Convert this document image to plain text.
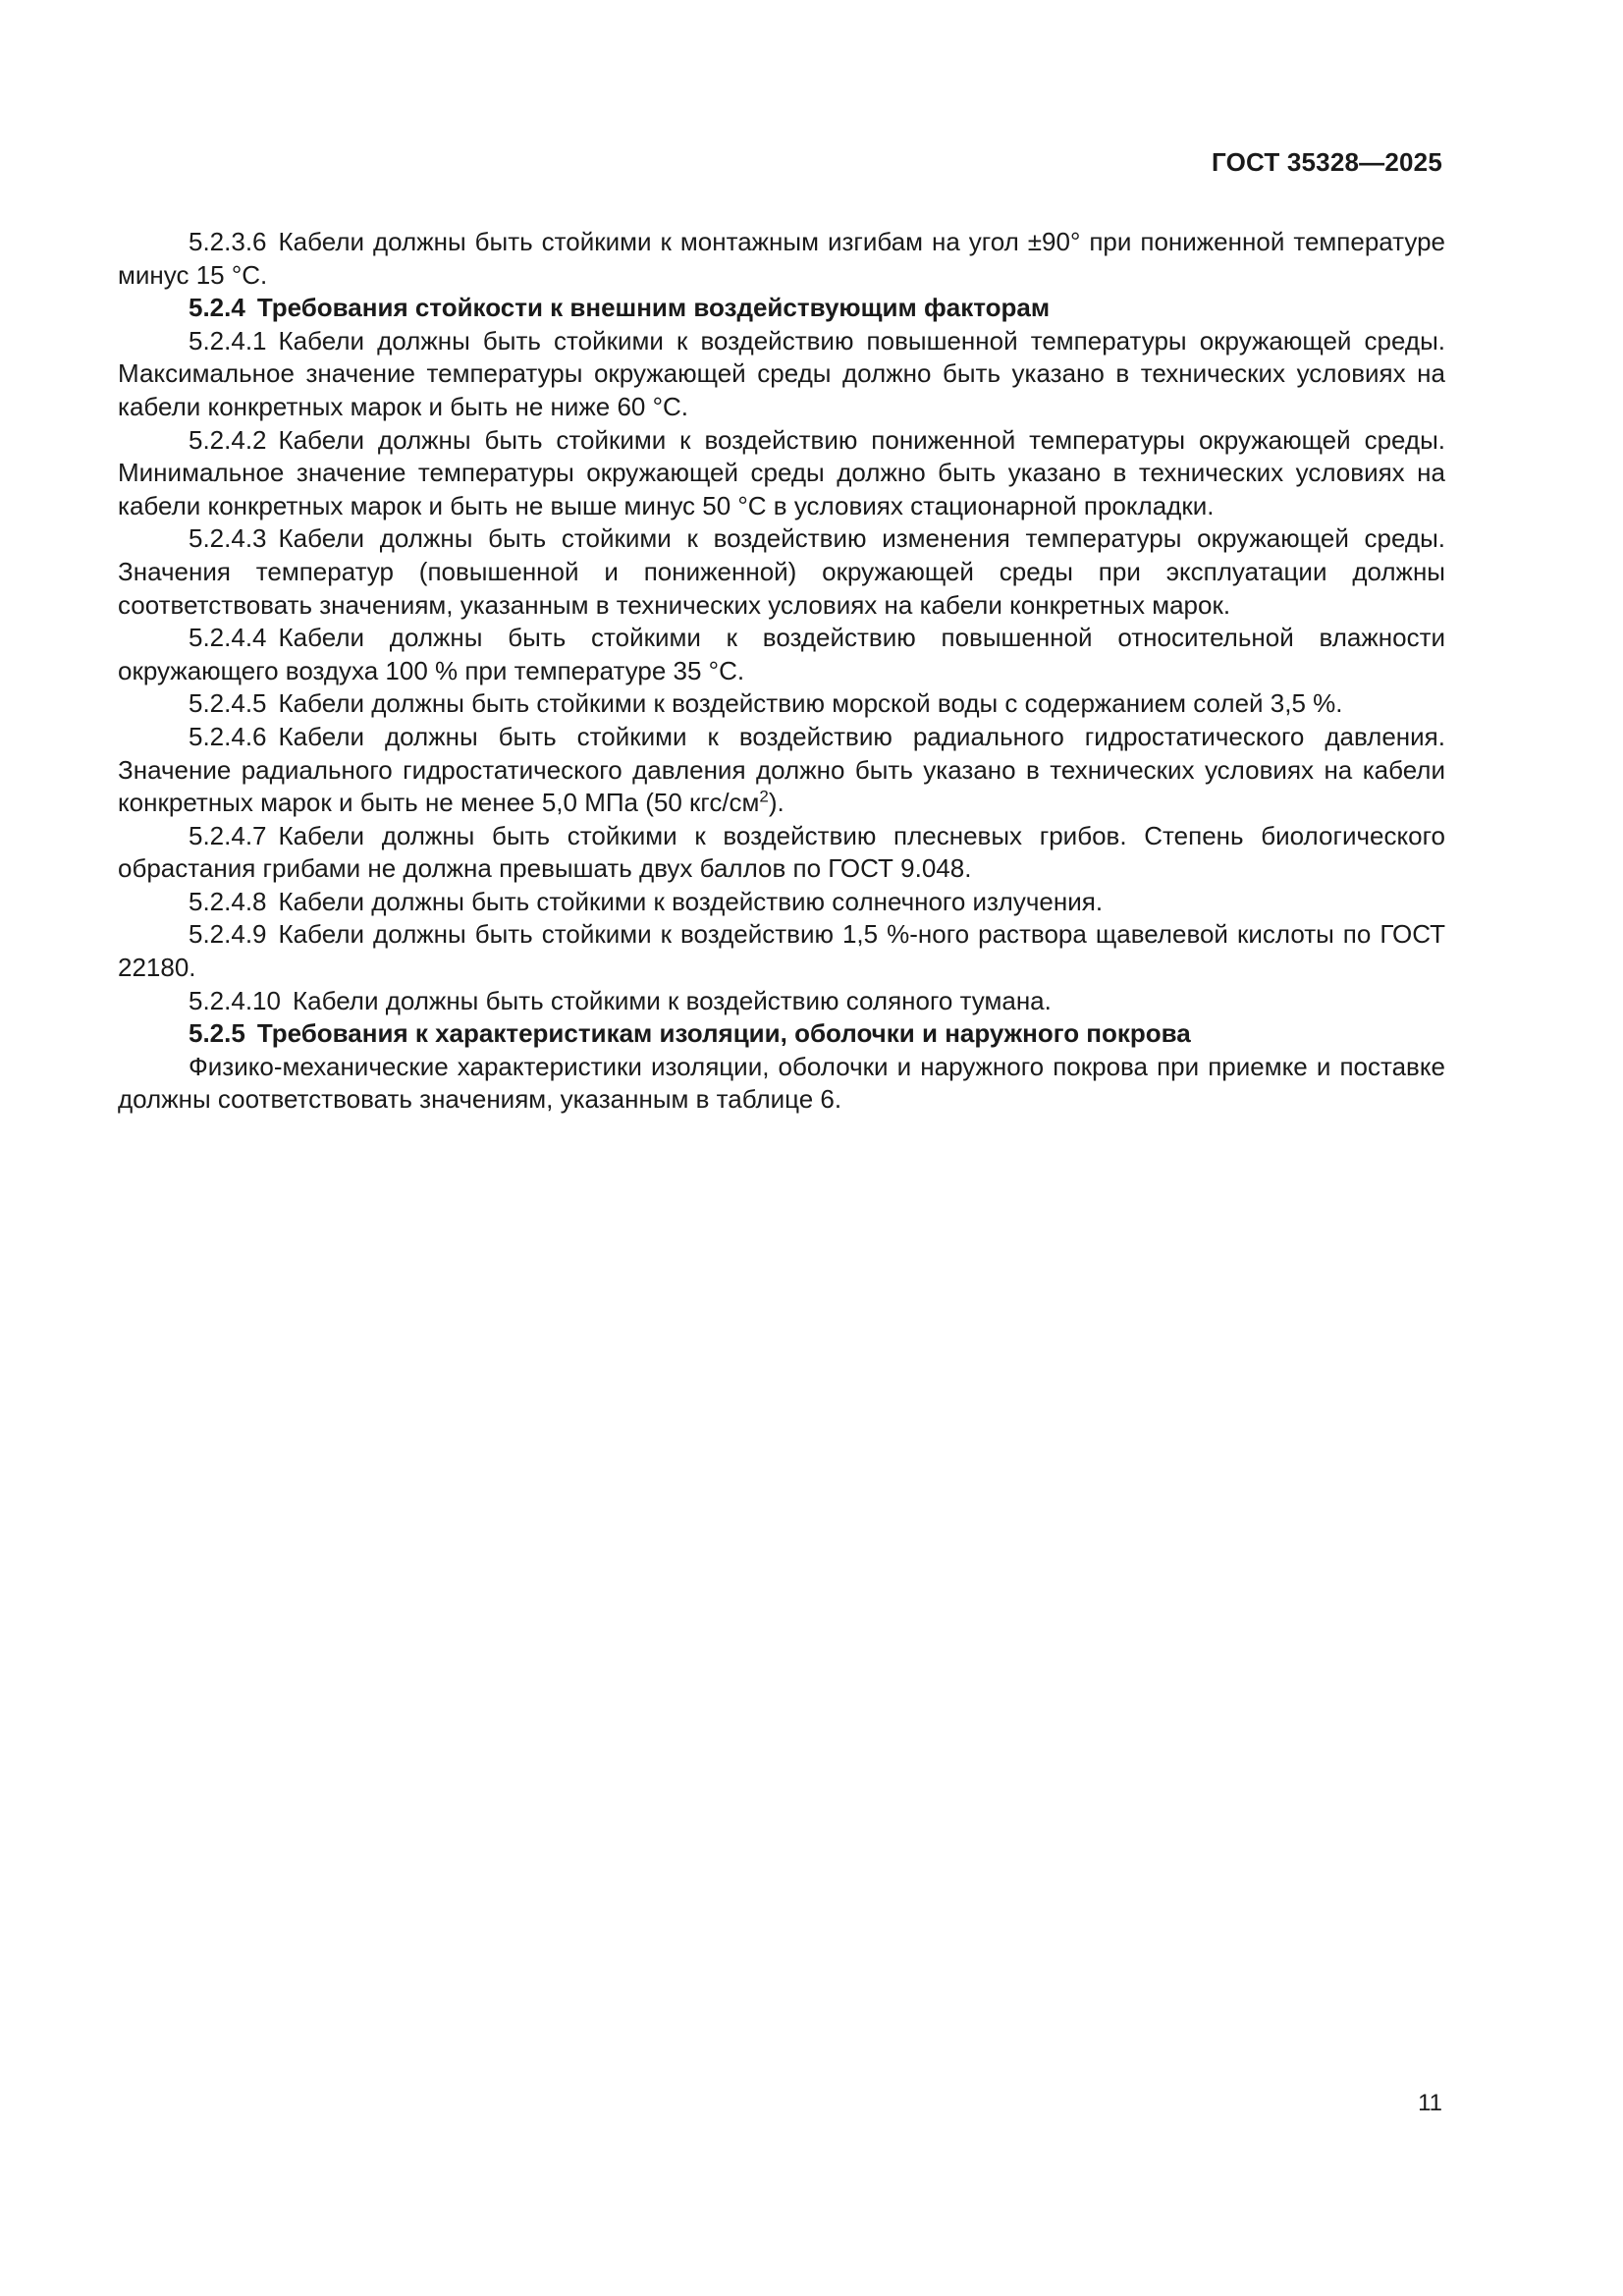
ГОСТ 35328—2025

5.2.3.6 Кабели должны быть стойкими к монтажным изгибам на угол ±90° при пониженной температуре минус 15 °С.

5.2.4 Требования стойкости к внешним воздействующим факторам

5.2.4.1 Кабели должны быть стойкими к воздействию повышенной температуры окружающей среды. Максимальное значение температуры окружающей среды должно быть указано в технических условиях на кабели конкретных марок и быть не ниже 60 °С.

5.2.4.2 Кабели должны быть стойкими к воздействию пониженной температуры окружающей среды. Минимальное значение температуры окружающей среды должно быть указано в технических условиях на кабели конкретных марок и быть не выше минус 50 °С в условиях стационарной прокладки.

5.2.4.3 Кабели должны быть стойкими к воздействию изменения температуры окружающей среды. Значения температур (повышенной и пониженной) окружающей среды при эксплуатации должны соответствовать значениям, указанным в технических условиях на кабели конкретных марок.

5.2.4.4 Кабели должны быть стойкими к воздействию повышенной относительной влажности окружающего воздуха 100 % при температуре 35 °С.

5.2.4.5 Кабели должны быть стойкими к воздействию морской воды с содержанием солей 3,5 %.

5.2.4.6 Кабели должны быть стойкими к воздействию радиального гидростатического давления. Значение радиального гидростатического давления должно быть указано в технических условиях на кабели конкретных марок и быть не менее 5,0 МПа (50 кгс/$см^2$).

5.2.4.7 Кабели должны быть стойкими к воздействию плесневых грибов. Степень биологического обрастания грибами не должна превышать двух баллов по ГОСТ 9.048.

5.2.4.8 Кабели должны быть стойкими к воздействию солнечного излучения.

5.2.4.9 Кабели должны быть стойкими к воздействию 1,5 %-ного раствора щавелевой кислоты по ГОСТ 22180.

5.2.4.10 Кабели должны быть стойкими к воздействию соляного тумана.

5.2.5 Требования к характеристикам изоляции, оболочки и наружного покрова

Физико-механические характеристики изоляции, оболочки и наружного покрова при приемке и поставке должны соответствовать значениям, указанным в таблице 6.

11
